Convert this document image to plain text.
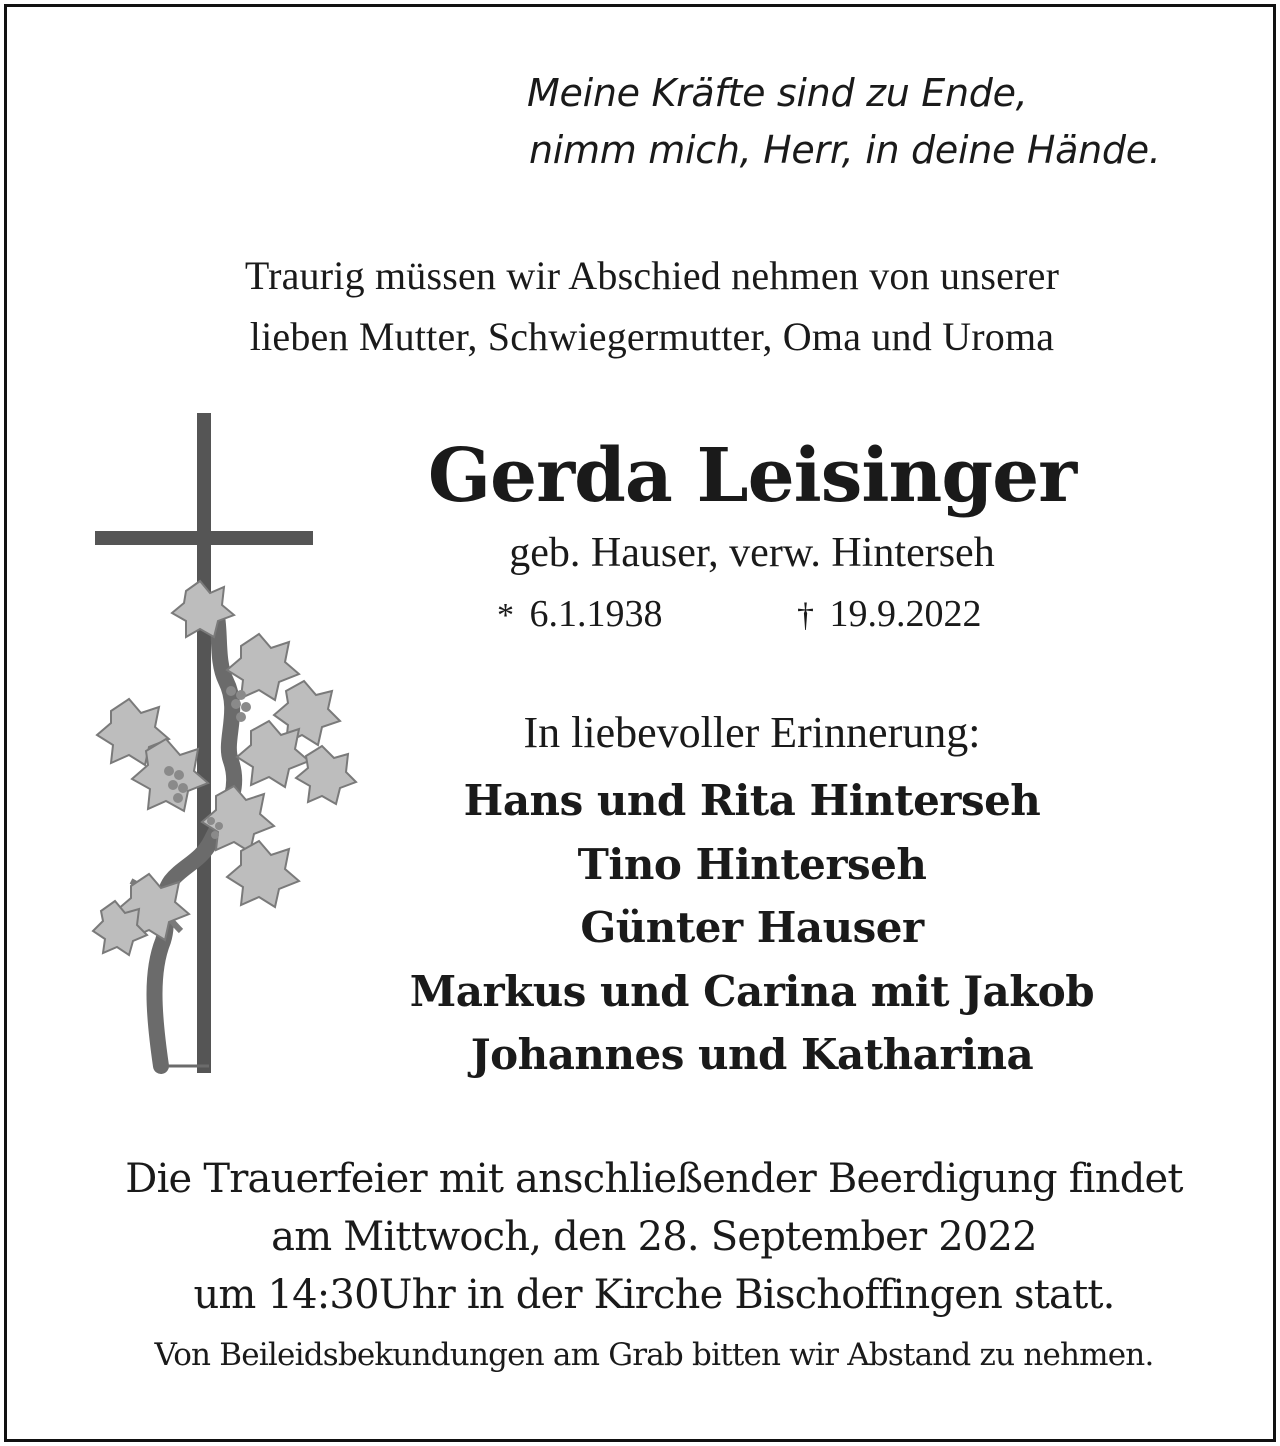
Meine Kräfte sind zu Ende,
nimm mich, Herr, in deine Hände.
Traurig müssen wir Abschied nehmen von unserer
lieben Mutter, Schwiegermutter, Oma und Uroma
Gerda Leisinger
geb. Hauser, verw. Hinterseh
* 6.1.1938	† 19.9.2022
In liebevoller Erinnerung:
Hans und Rita Hinterseh
Tino Hinterseh
Günter Hauser
Markus und Carina mit Jakob
Johannes und Katharina
Die Trauerfeier mit anschließender Beerdigung findet
am Mittwoch, den 28. September 2022
um 14:30Uhr in der Kirche Bischoffingen statt.
Von Beileidsbekundungen am Grab bitten wir Abstand zu nehmen.
